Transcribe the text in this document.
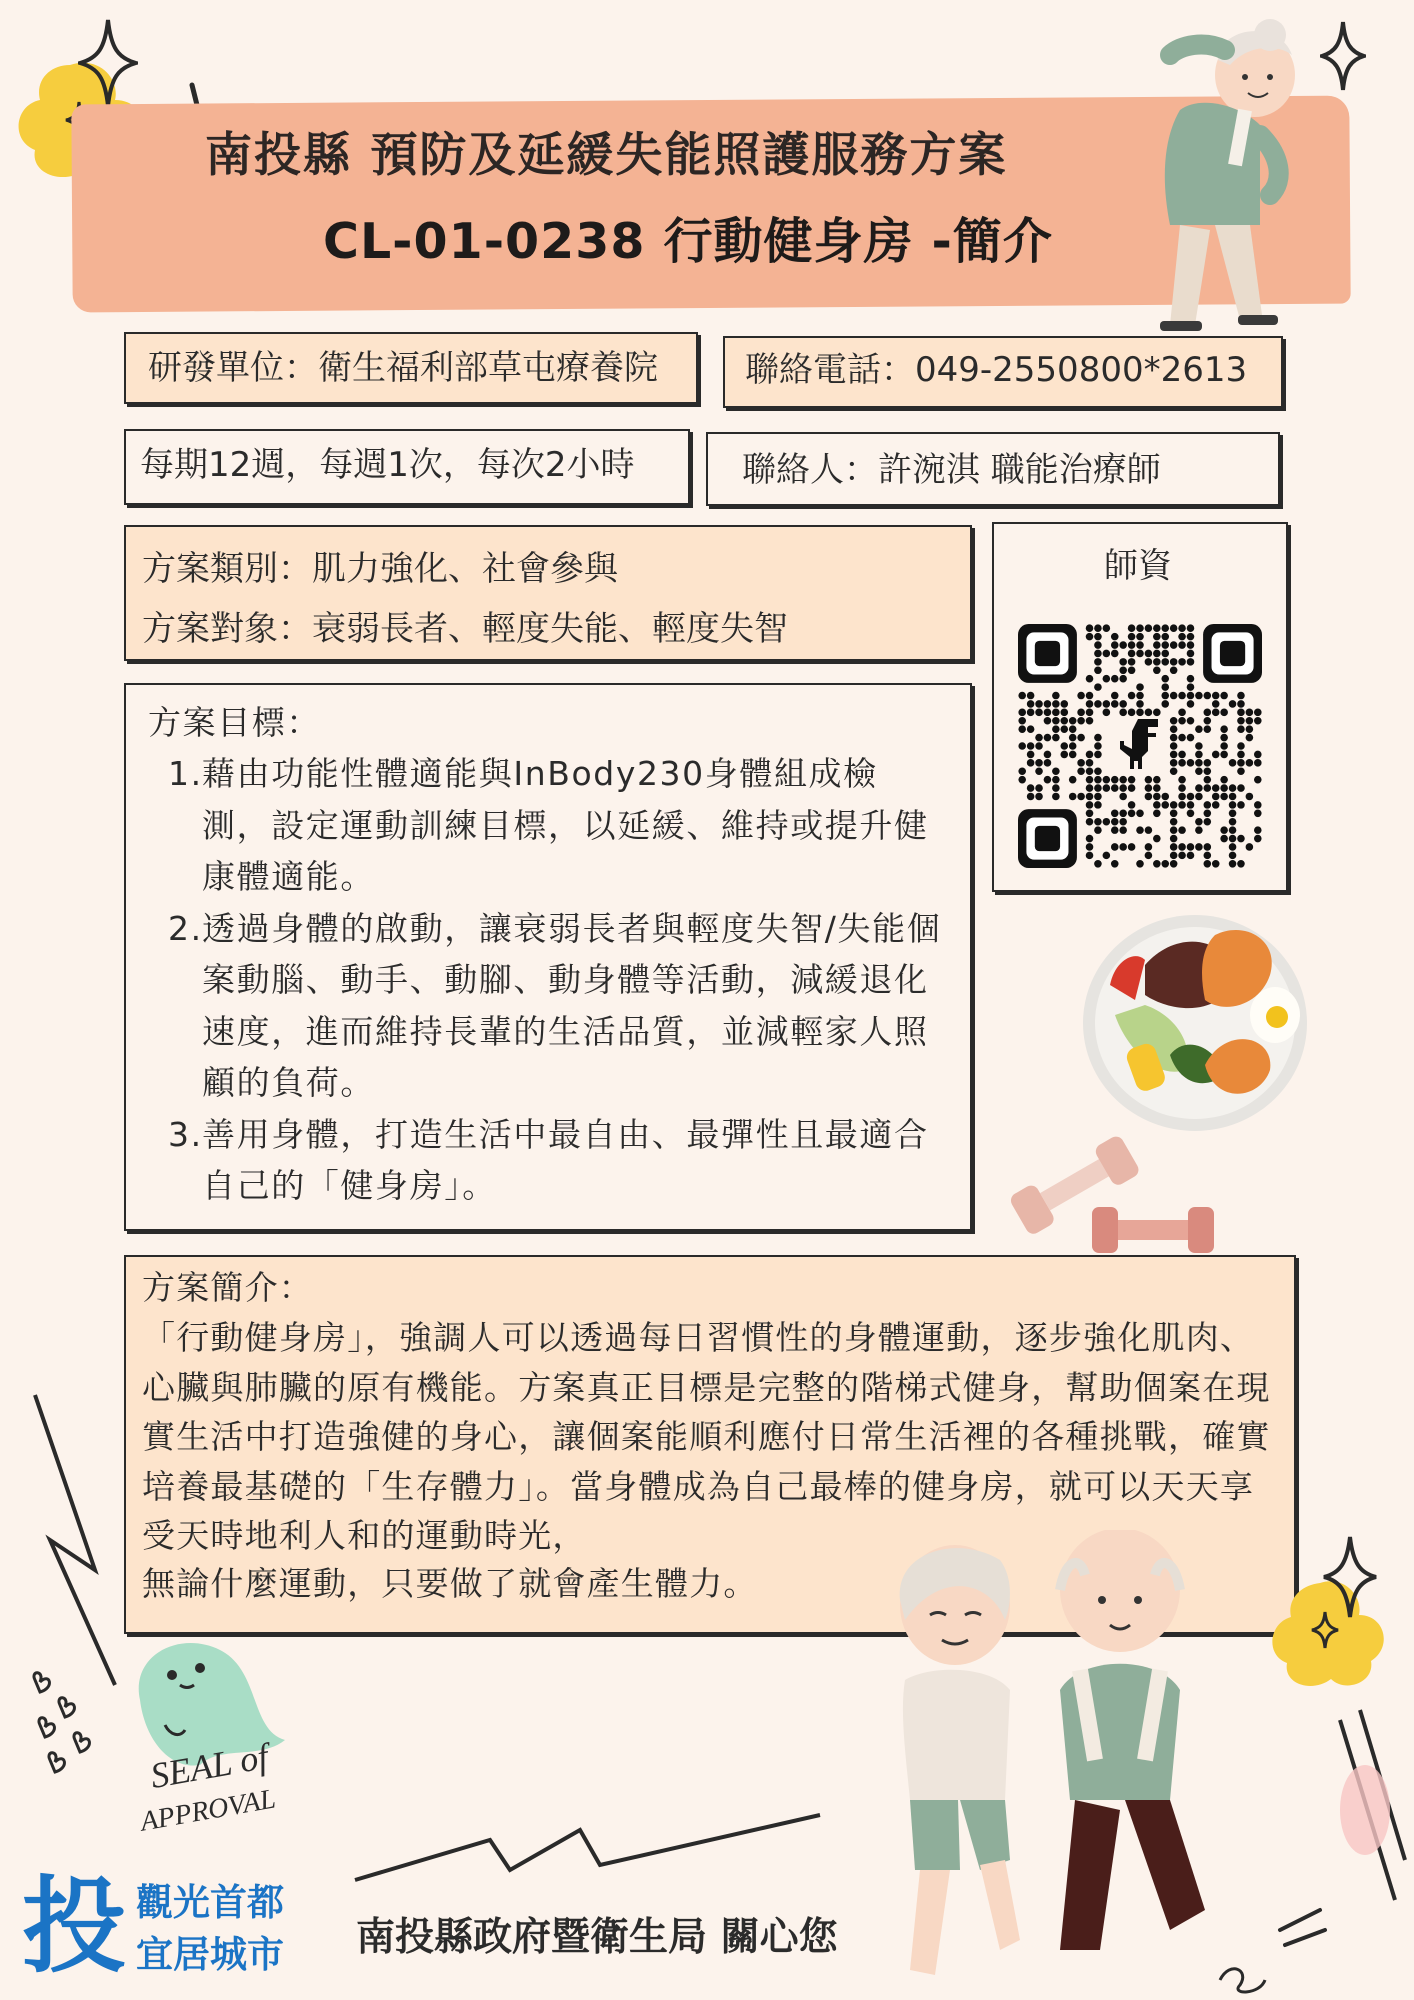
南投縣 預防及延緩失能照護服務方案
CL-01-0238 行動健身房 -簡介
研發單位：衛生福利部草屯療養院	聯絡電話：049-2550800*2613
每期12週，每週1次，每次2小時	聯絡人：許涴淇 職能治療師
方案類別：肌力強化、社會參與
方案對象：衰弱長者、輕度失能、輕度失智
師資
方案目標：
1. 藉由功能性體適能與InBody230身體組成檢測，設定運動訓練目標，以延緩、維持或提升健康體適能。
2. 透過身體的啟動，讓衰弱長者與輕度失智/失能個案動腦、動手、動腳、動身體等活動，減緩退化速度，進而維持長輩的生活品質，並減輕家人照顧的負荷。
3. 善用身體，打造生活中最自由、最彈性且最適合自己的「健身房」。
方案簡介：
「行動健身房」，強調人可以透過每日習慣性的身體運動，逐步強化肌肉、心臟與肺臟的原有機能。方案真正目標是完整的階梯式健身，幫助個案在現實生活中打造強健的身心，讓個案能順利應付日常生活裡的各種挑戰，確實培養最基礎的「生存體力」。當身體成為自己最棒的健身房，就可以天天享受天時地利人和的運動時光，
無論什麼運動，只要做了就會產生體力。
SEAL of
APPROVAL
投 觀光首都
宜居城市 南投縣政府暨衛生局 關心您
